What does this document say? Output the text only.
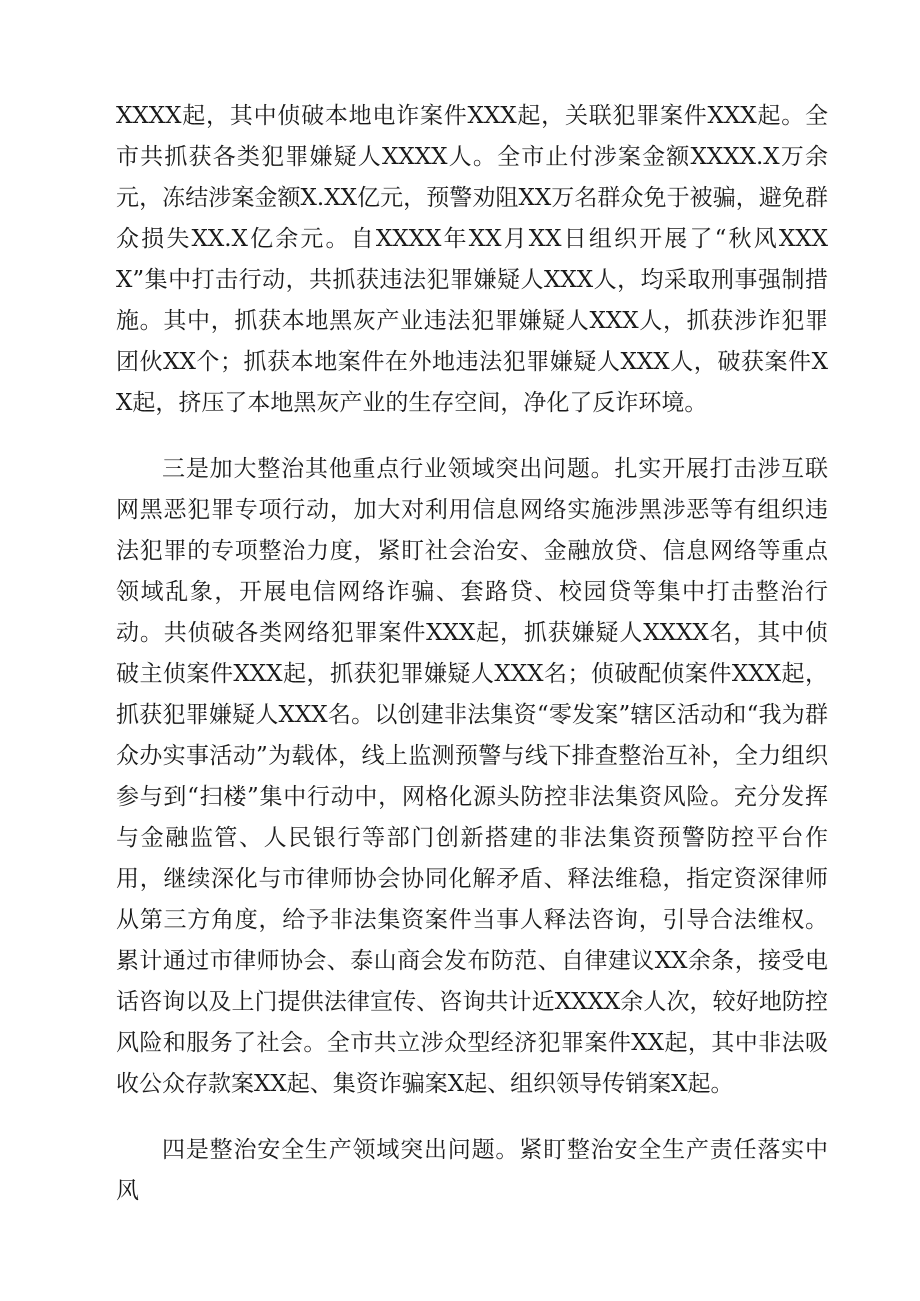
XXXX起，其中侦破本地电诈案件XXX起，关联犯罪案件XXX起。全市共抓获各类犯罪嫌疑人XXXX人。全市止付涉案金额XXXX.X万余元，冻结涉案金额X.XX亿元，预警劝阻XX万名群众免于被骗，避免群众损失XX.X亿余元。自XXXX年XX月XX日组织开展了“秋风XXXX”集中打击行动，共抓获违法犯罪嫌疑人XXX人，均采取刑事强制措施。其中，抓获本地黑灰产业违法犯罪嫌疑人XXX人，抓获涉诈犯罪团伙XX个；抓获本地案件在外地违法犯罪嫌疑人XXX人，破获案件XX起，挤压了本地黑灰产业的生存空间，净化了反诈环境。

三是加大整治其他重点行业领域突出问题。扎实开展打击涉互联网黑恶犯罪专项行动，加大对利用信息网络实施涉黑涉恶等有组织违法犯罪的专项整治力度，紧盯社会治安、金融放贷、信息网络等重点领域乱象，开展电信网络诈骗、套路贷、校园贷等集中打击整治行动。共侦破各类网络犯罪案件XXX起，抓获嫌疑人XXXX名，其中侦破主侦案件XXX起，抓获犯罪嫌疑人XXX名；侦破配侦案件XXX起，抓获犯罪嫌疑人XXX名。以创建非法集资“零发案”辖区活动和“我为群众办实事活动”为载体，线上监测预警与线下排查整治互补，全力组织参与到“扫楼”集中行动中，网格化源头防控非法集资风险。充分发挥与金融监管、人民银行等部门创新搭建的非法集资预警防控平台作用，继续深化与市律师协会协同化解矛盾、释法维稳，指定资深律师从第三方角度，给予非法集资案件当事人释法咨询，引导合法维权。累计通过市律师协会、泰山商会发布防范、自律建议XX余条，接受电话咨询以及上门提供法律宣传、咨询共计近XXXX余人次，较好地防控风险和服务了社会。全市共立涉众型经济犯罪案件XX起，其中非法吸收公众存款案XX起、集资诈骗案X起、组织领导传销案X起。

四是整治安全生产领域突出问题。紧盯整治安全生产责任落实中风
